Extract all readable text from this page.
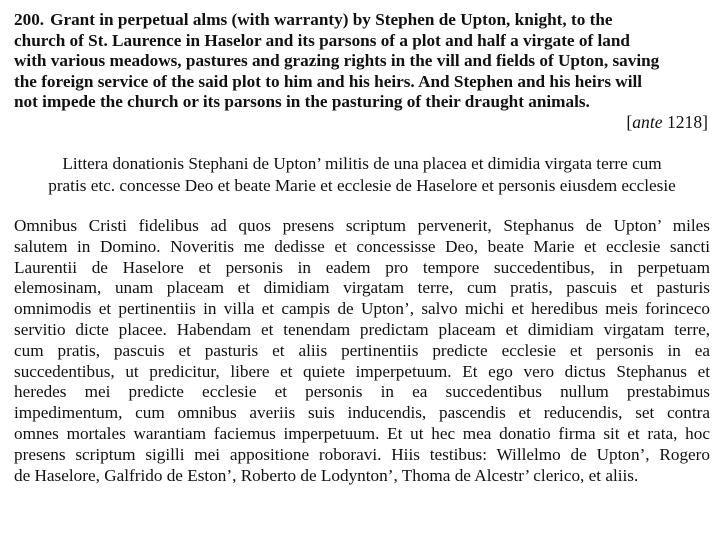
200. Grant in perpetual alms (with warranty) by Stephen de Upton, knight, to the
church of St. Laurence in Haselor and its parsons of a plot and half a virgate of land
with various meadows, pastures and grazing rights in the vill and fields of Upton, saving
the foreign service of the said plot to him and his heirs. And Stephen and his heirs will
not impede the church or its parsons in the pasturing of their draught animals.

[ante 1218]
Littera donationis Stephani de Upton’ militis de una placea et dimidia virgata terre cum
pratis etc. concesse Deo et beate Marie et ecclesie de Haselore et personis eiusdem ecclesie
Omnibus Cristi fidelibus ad quos presens scriptum pervenerit, Stephanus de Upton’ miles
salutem in Domino. Noveritis me dedisse et concessisse Deo, beate Marie et ecclesie sancti
Laurentii de Haselore et personis in eadem pro tempore succedentibus, in perpetuam
elemosinam, unam placeam et dimidiam virgatam terre, cum pratis, pascuis et pasturis
omnimodis et pertinentiis in villa et campis de Upton’, salvo michi et heredibus meis forinceco
servitio dicte placee. Habendam et tenendam predictam placeam et dimidiam virgatam terre,
cum pratis, pascuis et pasturis et aliis pertinentiis predicte ecclesie et personis in ea
succedentibus, ut predicitur, libere et quiete imperpetuum. Et ego vero dictus Stephanus et
heredes mei predicte ecclesie et personis in ea succedentibus nullum prestabimus
impedimentum, cum omnibus averiis suis inducendis, pascendis et reducendis, set contra
omnes mortales warantiam faciemus imperpetuum. Et ut hec mea donatio firma sit et rata, hoc
presens scriptum sigilli mei appositione roboravi. Hiis testibus: Willelmo de Upton’, Rogero
de Haselore, Galfrido de Eston’, Roberto de Lodynton’, Thoma de Alcestr’ clerico, et aliis.
